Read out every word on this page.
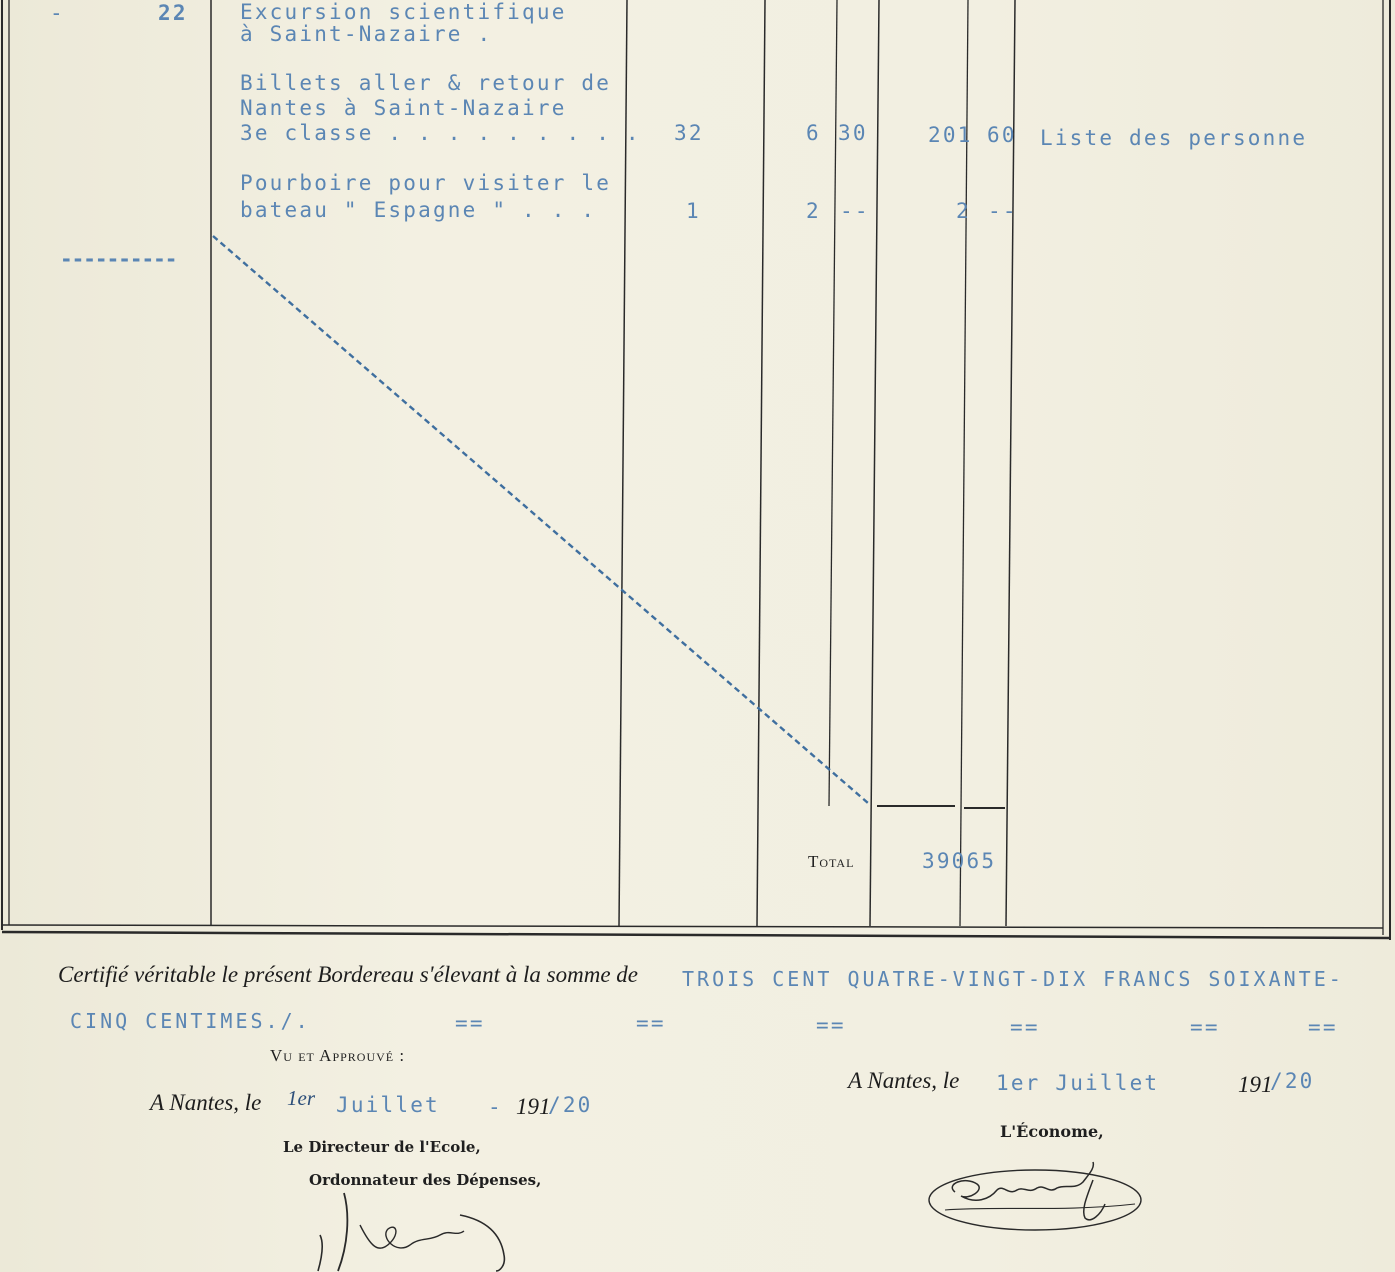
-	22 Excursion scientifique
à Saint-Nazaire .
Billets aller & retour de
Nantes à Saint-Nazaire
3e classe . . . . . . . . . 32	6 30	201 60 Liste des personne
Pourboire pour visiter le
bateau " Espagne " . . .	1	2 --	2 --
----------
Total	39065
Certifié véritable le présent Bordereau s'élevant à la somme de TROIS CENT QUATRE-VINGT-DIX FRANCS SOIXANTE-
CINQ CENTIMES./.	==	==	==	==	==	==
Vu et Approuvé :
A Nantes, le 1er Juillet - 191
/20
Le Directeur de l'Ecole,
Ordonnateur des Dépenses,
A Nantes, le 1er Juillet	191
/20
L'Économe,
